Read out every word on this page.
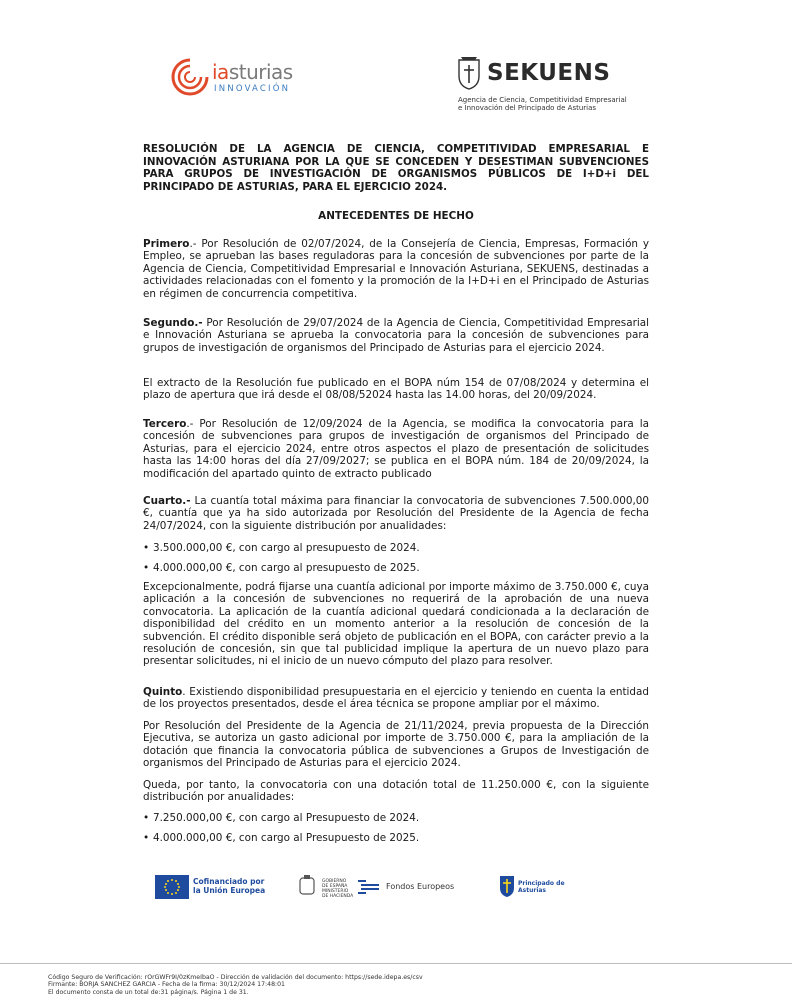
iasturias
INNOVACIÓN
SEKUENS
Agencia de Ciencia, Competitividad Empresarial
e Innovación del Principado de Asturias
RESOLUCIÓN DE LA AGENCIA DE CIENCIA, COMPETITIVIDAD EMPRESARIAL E INNOVACIÓN ASTURIANA POR LA QUE SE CONCEDEN Y DESESTIMAN SUBVENCIONES PARA GRUPOS DE INVESTIGACIÓN DE ORGANISMOS PÚBLICOS DE I+D+i DEL PRINCIPADO DE ASTURIAS, PARA EL EJERCICIO 2024.
ANTECEDENTES DE HECHO

Primero.- Por Resolución de 02/07/2024, de la Consejería de Ciencia, Empresas, Formación y Empleo, se aprueban las bases reguladoras para la concesión de subvenciones por parte de la Agencia de Ciencia, Competitividad Empresarial e Innovación Asturiana, SEKUENS, destinadas a actividades relacionadas con el fomento y la promoción de la I+D+i en el Principado de Asturias en régimen de concurrencia competitiva.

Segundo.- Por Resolución de 29/07/2024 de la Agencia de Ciencia, Competitividad Empresarial e Innovación Asturiana se aprueba la convocatoria para la concesión de subvenciones para grupos de investigación de organismos del Principado de Asturias para el ejercicio 2024.

El extracto de la Resolución fue publicado en el BOPA núm 154 de 07/08/2024 y determina el plazo de apertura que irá desde el 08/08/52024 hasta las 14.00 horas, del 20/09/2024.

Tercero.- Por Resolución de 12/09/2024 de la Agencia, se modifica la convocatoria para la concesión de subvenciones para grupos de investigación de organismos del Principado de Asturias, para el ejercicio 2024, entre otros aspectos el plazo de presentación de solicitudes hasta las 14:00 horas del día 27/09/2027; se publica en el BOPA núm. 184 de 20/09/2024, la modificación del apartado quinto de extracto publicado

Cuarto.- La cuantía total máxima para financiar la convocatoria de subvenciones 7.500.000,00 €, cuantía que ya ha sido autorizada por Resolución del Presidente de la Agencia de fecha 24/07/2024, con la siguiente distribución por anualidades:

• 3.500.000,00 €, con cargo al presupuesto de 2024.
• 4.000.000,00 €, con cargo al presupuesto de 2025.

Excepcionalmente, podrá fijarse una cuantía adicional por importe máximo de 3.750.000 €, cuya aplicación a la concesión de subvenciones no requerirá de la aprobación de una nueva convocatoria. La aplicación de la cuantía adicional quedará condicionada a la declaración de disponibilidad del crédito en un momento anterior a la resolución de concesión de la subvención. El crédito disponible será objeto de publicación en el BOPA, con carácter previo a la resolución de concesión, sin que tal publicidad implique la apertura de un nuevo plazo para presentar solicitudes, ni el inicio de un nuevo cómputo del plazo para resolver.

Quinto. Existiendo disponibilidad presupuestaria en el ejercicio y teniendo en cuenta la entidad de los proyectos presentados, desde el área técnica se propone ampliar por el máximo.

Por Resolución del Presidente de la Agencia de 21/11/2024, previa propuesta de la Dirección Ejecutiva, se autoriza un gasto adicional por importe de 3.750.000 €, para la ampliación de la dotación que financia la convocatoria pública de subvenciones a Grupos de Investigación de organismos del Principado de Asturias para el ejercicio 2024.

Queda, por tanto, la convocatoria con una dotación total de 11.250.000 €, con la siguiente distribución por anualidades:

• 7.250.000,00 €, con cargo al Presupuesto de 2024.
• 4.000.000,00 €, con cargo al Presupuesto de 2025.
Cofinanciado por
la Unión Europea
GOBIERNO
DE ESPAÑA
MINISTERIO
DE HACIENDA
Fondos Europeos	Principado de
Asturias
Código Seguro de Verificación: rOrGWFr9I/0zKmeIbaO - Dirección de validación del documento: https://sede.idepa.es/csv
Firmante: BORJA SANCHEZ GARCIA - Fecha de la firma: 30/12/2024 17:48:01
El documento consta de un total de:31 página/s. Página 1 de 31.
